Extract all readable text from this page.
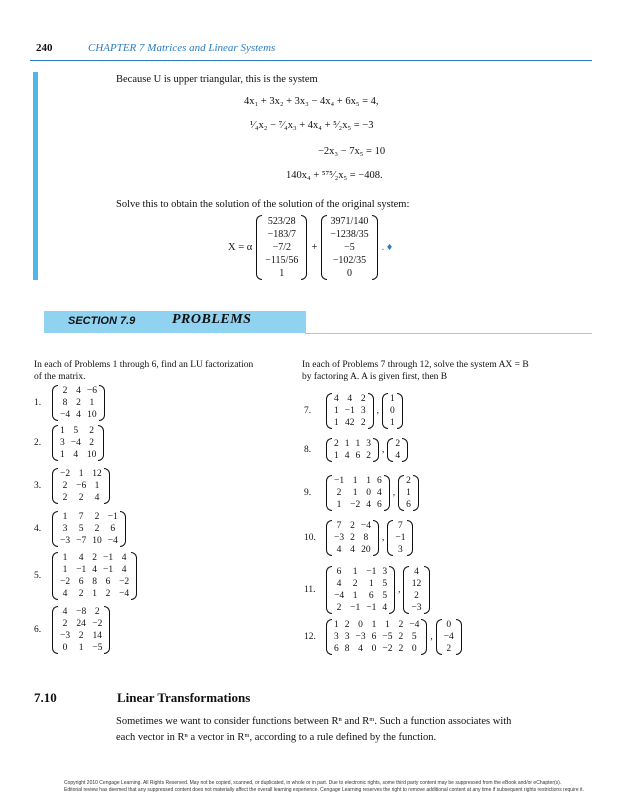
240	CHAPTER 7 Matrices and Linear Systems
Because U is upper triangular, this is the system
4x₁ + 3x₂ + 3x₃ − 4x₄ + 6x₅ = 4,
¹⁄₄x₂ − ⁷⁄₄x₃ + 4x₄ + ⁵⁄₂x₅ = −3
−2x₃ − 7x₅ = 10
140x₄ + ⁵⁷⁵⁄₂x₅ = −408.
Solve this to obtain the solution of the solution of the original system:
X = α
523/28
−183/7
−7/2
−115/56
1
+
3971/140
−1238/35
−5
−102/35
0
. ♦
SECTION 7.9	PROBLEMS
In each of Problems 1 through 6, find an LU factorization
of the matrix.
In each of Problems 7 through 12, solve the system AX = B
by factoring A. A is given first, then B
1.
2	4	−6
8	2	1
−4	4	10
2.
1	5	2
3	−4	2
1	4	10
3.
−2	1	12
2	−6	1
2	2	4
4.
1	7	2	−1
3	5	2	6
−3	−7	10	−4
5.
1	4	2	−1	4
1	−1	4	−1	4
−2	6	8	6	−2
4	2	1	2	−4
6.
4	−8	2
2	24	−2
−3	2	14
0	1	−5
7.
4	4	2
1	−1	3
1	42	2
,
1
0
1
8.
2	1	1	3
1	4	6	2
,
2
4
9.
−1	1	1	6
2	1	0	4
1	−2	4	6
,
2
1
6
10.
7	2	−4
−3	2	8
4	4	20
,
7
−1
3
11.
6	1	−1	3
4	2	1	5
−4	1	6	5
2	−1	−1	4
,
4
12
2
−3
12.
1	2	0	1	1	2	−4
3	3	−3	6	−5	2	5
6	8	4	0	−2	2	0
,
0
−4
2
7.10	Linear Transformations
Sometimes we want to consider functions between Rⁿ and Rᵐ. Such a function associates with
each vector in Rⁿ a vector in Rᵐ, according to a rule defined by the function.
Copyright 2010 Cengage Learning. All Rights Reserved. May not be copied, scanned, or duplicated, in whole or in part. Due to electronic rights, some third party content may be suppressed from the eBook and/or eChapter(s).
Editorial review has deemed that any suppressed content does not materially affect the overall learning experience. Cengage Learning reserves the right to remove additional content at any time if subsequent rights restrictions require it.
